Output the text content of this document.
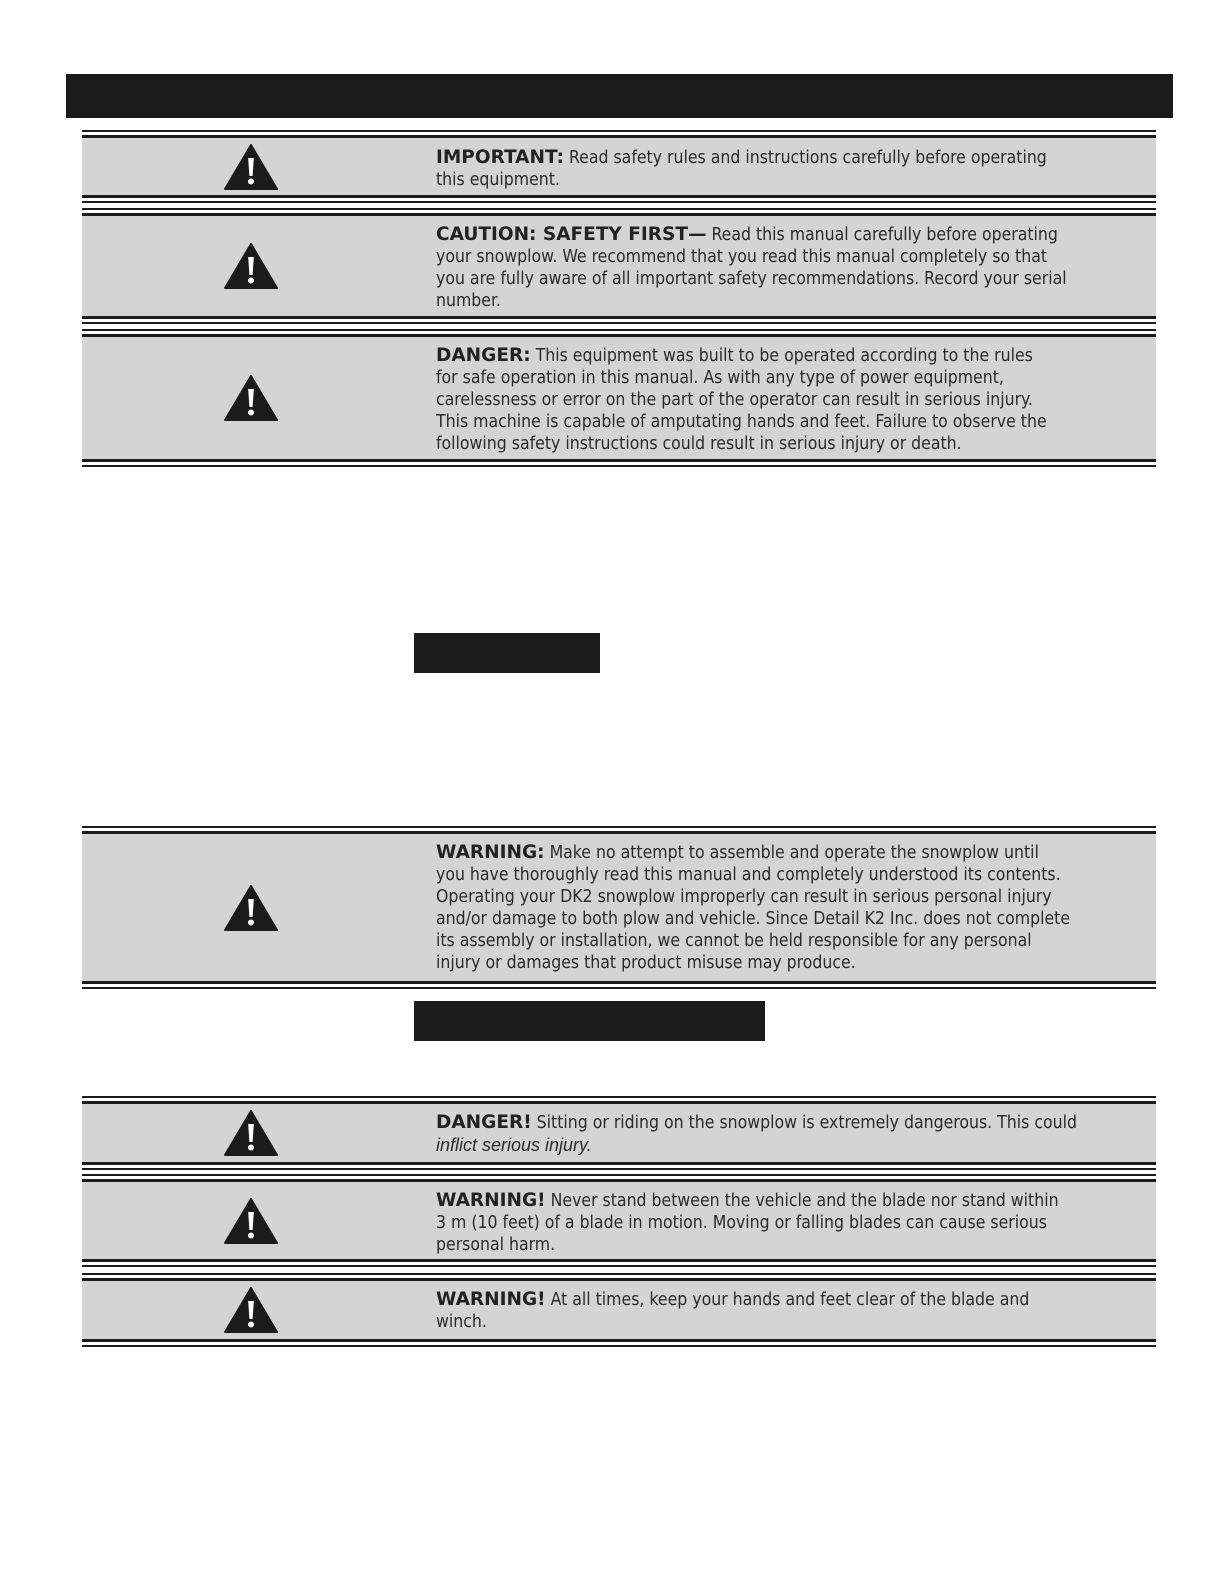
IMPORTANT: Read safety rules and instructions carefully before operating
this equipment.
CAUTION: SAFETY FIRST— Read this manual carefully before operating
your snowplow. We recommend that you read this manual completely so that
you are fully aware of all important safety recommendations. Record your serial
number.
DANGER: This equipment was built to be operated according to the rules
for safe operation in this manual. As with any type of power equipment,
carelessness or error on the part of the operator can result in serious injury.
This machine is capable of amputating hands and feet. Failure to observe the
following safety instructions could result in serious injury or death.
WARNING: Make no attempt to assemble and operate the snowplow until
you have thoroughly read this manual and completely understood its contents.
Operating your DK2 snowplow improperly can result in serious personal injury
and/or damage to both plow and vehicle. Since Detail K2 Inc. does not complete
its assembly or installation, we cannot be held responsible for any personal
injury or damages that product misuse may produce.
DANGER! Sitting or riding on the snowplow is extremely dangerous. This could
inflict serious injury.
WARNING! Never stand between the vehicle and the blade nor stand within
3 m (10 feet) of a blade in motion. Moving or falling blades can cause serious
personal harm.
WARNING! At all times, keep your hands and feet clear of the blade and
winch.
